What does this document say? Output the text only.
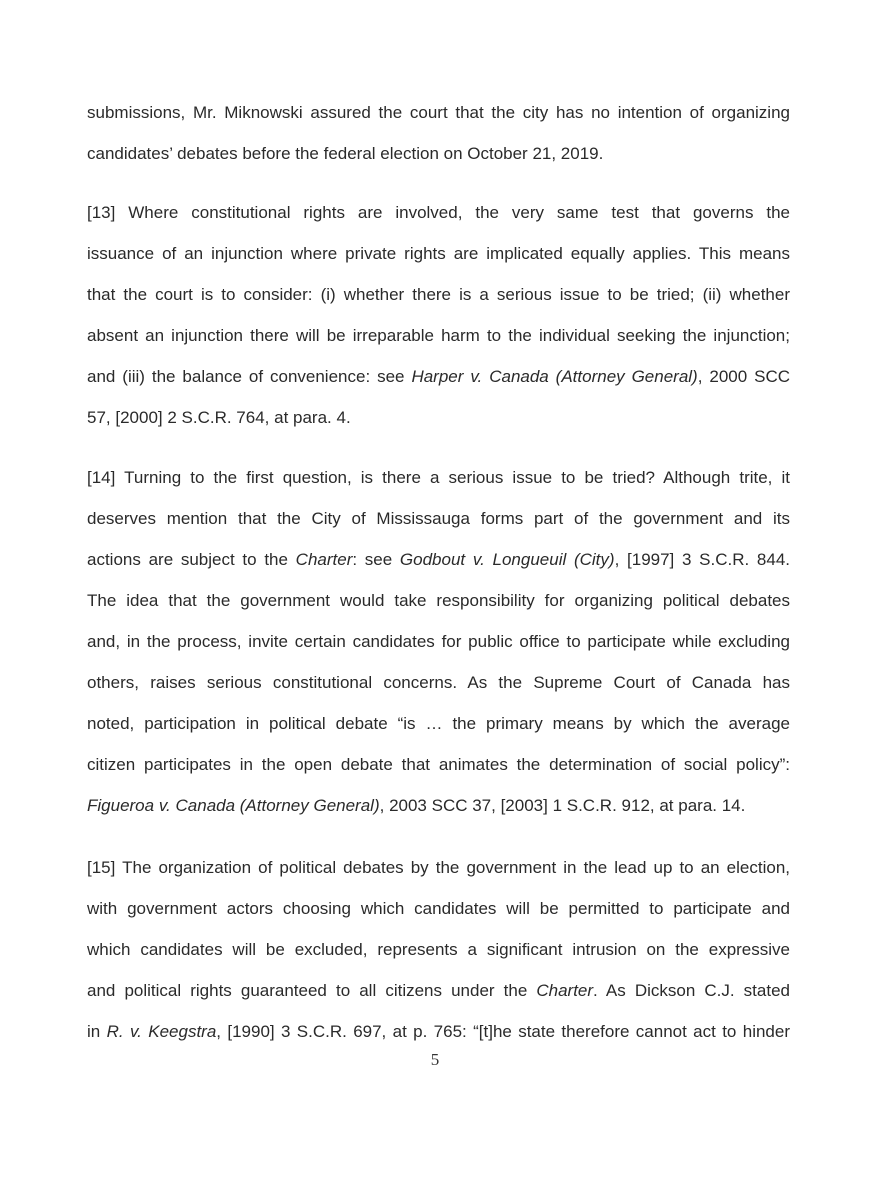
submissions, Mr. Miknowski assured the court that the city has no intention of organizing
candidates’ debates before the federal election on October 21, 2019.
[13] Where constitutional rights are involved, the very same test that governs the
issuance of an injunction where private rights are implicated equally applies. This means
that the court is to consider: (i) whether there is a serious issue to be tried; (ii) whether
absent an injunction there will be irreparable harm to the individual seeking the injunction;
and (iii) the balance of convenience: see Harper v. Canada (Attorney General), 2000 SCC
57, [2000] 2 S.C.R. 764, at para. 4.
[14] Turning to the first question, is there a serious issue to be tried? Although trite, it
deserves mention that the City of Mississauga forms part of the government and its
actions are subject to the Charter: see Godbout v. Longueuil (City), [1997] 3 S.C.R. 844.
The idea that the government would take responsibility for organizing political debates
and, in the process, invite certain candidates for public office to participate while excluding
others, raises serious constitutional concerns. As the Supreme Court of Canada has
noted, participation in political debate “is … the primary means by which the average
citizen participates in the open debate that animates the determination of social policy”:
Figueroa v. Canada (Attorney General), 2003 SCC 37, [2003] 1 S.C.R. 912, at para. 14.
[15] The organization of political debates by the government in the lead up to an election,
with government actors choosing which candidates will be permitted to participate and
which candidates will be excluded, represents a significant intrusion on the expressive
and political rights guaranteed to all citizens under the Charter. As Dickson C.J. stated
in R. v. Keegstra, [1990] 3 S.C.R. 697, at p. 765: “[t]he state therefore cannot act to hinder
5
